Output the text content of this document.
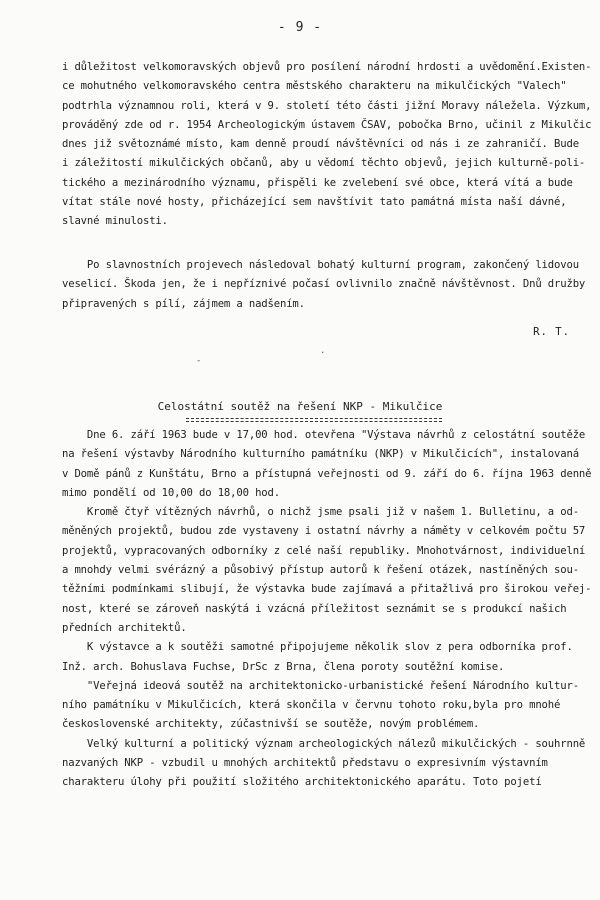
- 9 -
i důležitost velkomoravských objevů pro posílení národní hrdosti a uvědomění.Existen-
ce mohutného velkomoravského centra městského charakteru na mikulčických "Valech"
podtrhla významnou roli, která v 9. století této části jižní Moravy náležela. Výzkum,
prováděný zde od r. 1954 Archeologickým ústavem ČSAV, pobočka Brno, učinil z Mikulčic
dnes již světoznámé místo, kam denně proudí návštěvníci od nás i ze zahraničí. Bude
i záležitostí mikulčických občanů, aby u vědomí těchto objevů, jejich kulturně-poli-
tického a mezinárodního významu, přispěli ke zvelebení své obce, která vítá a bude
vítat stále nové hosty, přicházející sem navštívit tato památná místa naší dávné,
slavné minulosti.
Po slavnostních projevech následoval bohatý kulturní program, zakončený lidovou
veselicí. Škoda jen, že i nepříznivé počasí ovlivnilo značně návštěvnost. Dnů družby
připravených s pílí, zájmem a nadšením.
R. T.
-
.
Celostátní soutěž na řešení NKP - Mikulčice
Dne 6. září 1963 bude v 17,00 hod. otevřena "Výstava návrhů z celostátní soutěže
na řešení výstavby Národního kulturního památníku (NKP) v Mikulčicích", instalovaná
v Domě pánů z Kunštátu, Brno a přístupná veřejnosti od 9. září do 6. října 1963 denně
mimo pondělí od 10,00 do 18,00 hod.
Kromě čtyř vítězných návrhů, o nichž jsme psali již v našem 1. Bulletinu, a od-
měněných projektů, budou zde vystaveny i ostatní návrhy a náměty v celkovém počtu 57
projektů, vypracovaných odborníky z celé naší republiky. Mnohotvárnost, individuelní
a mnohdy velmi svérázný a působivý přístup autorů k řešení otázek, nastíněných sou-
těžními podmínkami slibují, že výstavka bude zajímavá a přitažlivá pro širokou veřej-
nost, které se zároveň naskýtá i vzácná příležitost seznámit se s produkcí našich
předních architektů.
K výstavce a k soutěži samotné připojujeme několik slov z pera odborníka prof.
Inž. arch. Bohuslava Fuchse, DrSc z Brna, člena poroty soutěžní komise.
"Veřejná ideová soutěž na architektonicko-urbanistické řešení Národního kultur-
ního památníku v Mikulčicích, která skončila v červnu tohoto roku,byla pro mnohé
československé architekty, zúčastnivší se soutěže, novým problémem.
Velký kulturní a politický význam archeologických nálezů mikulčických - souhrnně
nazvaných NKP - vzbudil u mnohých architektů představu o expresivním výstavním
charakteru úlohy při použití složitého architektonického aparátu. Toto pojetí
